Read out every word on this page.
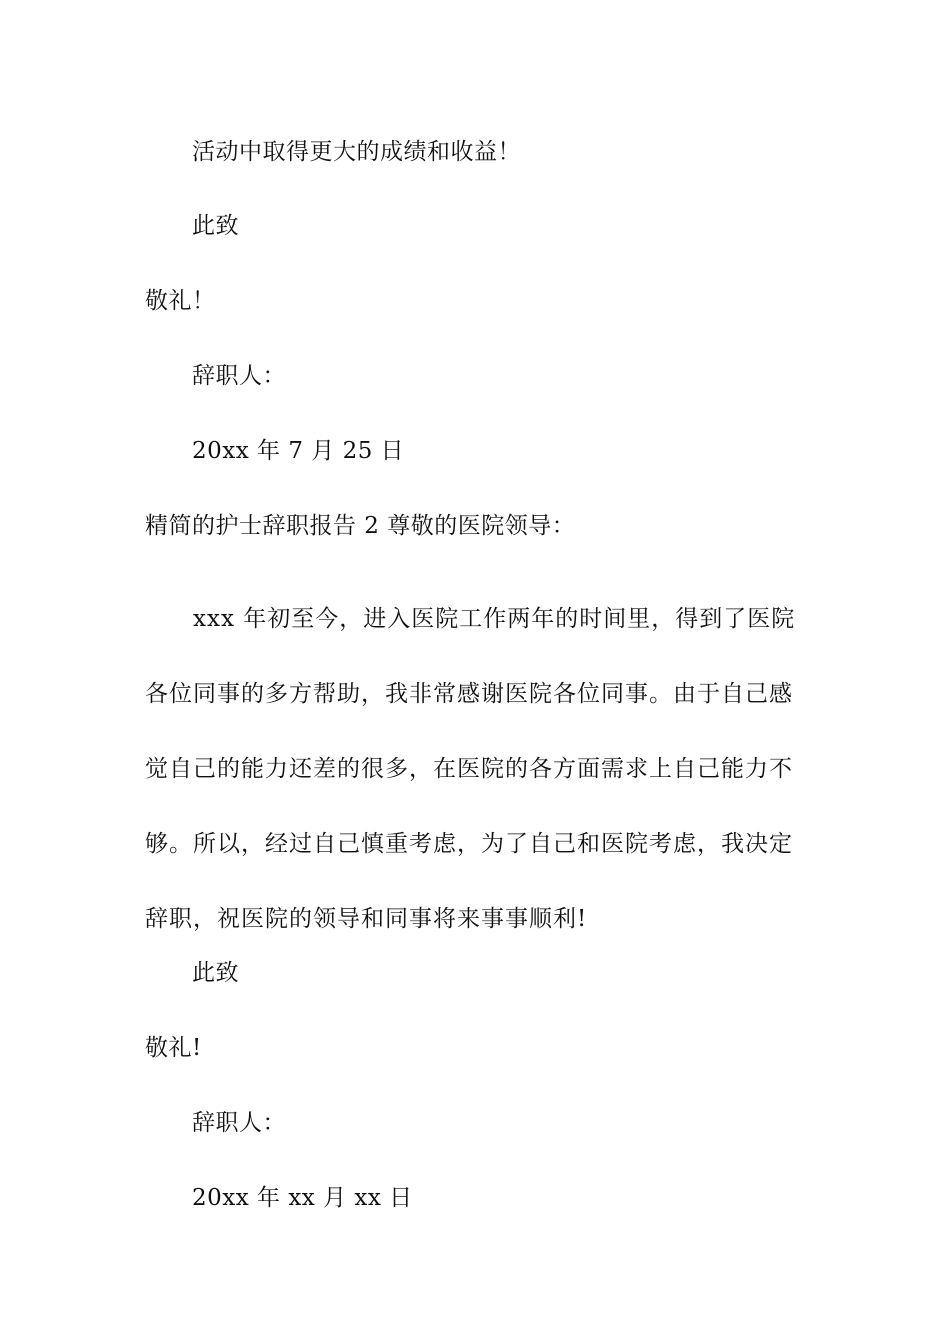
活动中取得更大的成绩和收益！
此致
敬礼！
辞职人：
20xx 年 7 月 25 日
精简的护士辞职报告 2 尊敬的医院领导：
xxx 年初至今，进入医院工作两年的时间里，得到了医院
各位同事的多方帮助，我非常感谢医院各位同事。由于自己感
觉自己的能力还差的很多，在医院的各方面需求上自己能力不
够。所以，经过自己慎重考虑，为了自己和医院考虑，我决定
辞职，祝医院的领导和同事将来事事顺利!
此致
敬礼!
辞职人：
20xx 年 xx 月 xx 日
